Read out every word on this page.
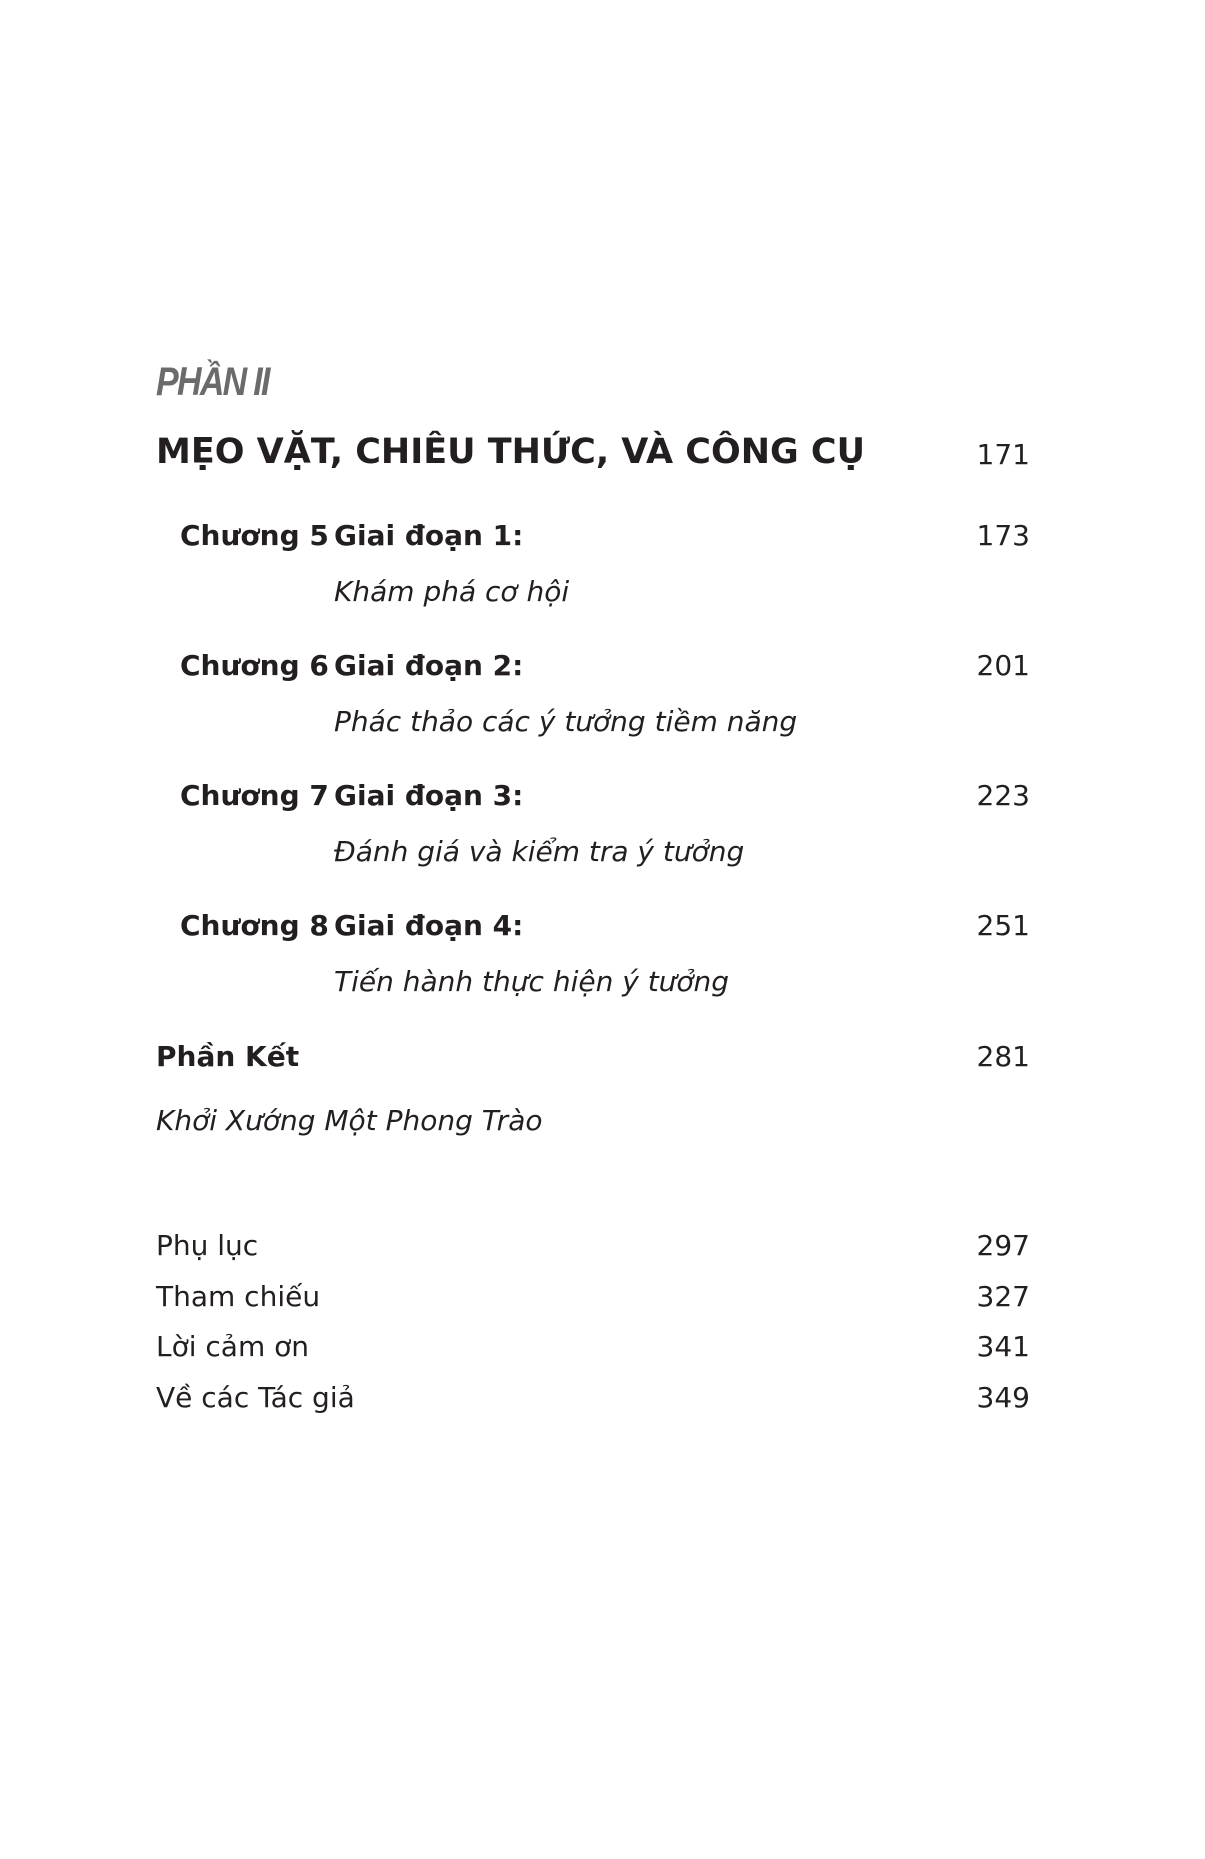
PHẦN II
MẸO VẶT, CHIÊU THỨC, VÀ CÔNG CỤ	171
Chương 5 Giai đoạn 1:	173
Khám phá cơ hội
Chương 6 Giai đoạn 2:	201
Phác thảo các ý tưởng tiềm năng
Chương 7 Giai đoạn 3:	223
Đánh giá và kiểm tra ý tưởng
Chương 8 Giai đoạn 4:	251
Tiến hành thực hiện ý tưởng
Phần Kết	281
Khởi Xướng Một Phong Trào
Phụ lục	297
Tham chiếu	327
Lời cảm ơn	341
Về các Tác giả	349
